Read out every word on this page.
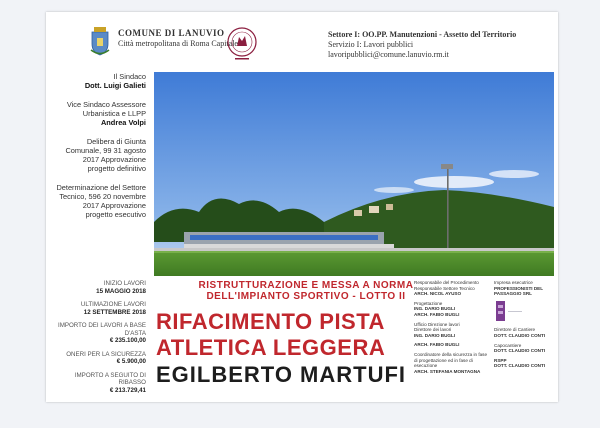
COMUNE DI LANUVIO
Città metropolitana di Roma Capitale
Settore I: OO.PP. Manutenzioni - Assetto del Territorio
Servizio I: Lavori pubblici
lavoripubblici@comune.lanuvio.rm.it
Il Sindaco
Dott. Luigi Galieti
Vice Sindaco Assessore Urbanistica e LLPP
Andrea Volpi
Delibera di Giunta Comunale, 99 31 agosto 2017 Approvazione progetto definitivo
Determinazione del Settore Tecnico, 596 20 novembre 2017 Approvazione progetto esecutivo
INIZIO LAVORI
15 MAGGIO 2018
ULTIMAZIONE LAVORI
12 SETTEMBRE 2018
IMPORTO DEI LAVORI A BASE D'ASTA
€ 235.100,00
ONERI PER LA SICUREZZA
€ 5.900,00
IMPORTO A SEGUITO DI RIBASSO
€ 213.729,41
RISTRUTTURAZIONE E MESSA A NORMA DELL'IMPIANTO SPORTIVO - LOTTO II
RIFACIMENTO PISTA
ATLETICA LEGGERA
EGILBERTO MARTUFI
Responsabile del Procedimento
Responsabile Settore Tecnico
ARCH. NICOL AYUSO
Progettazione
ING. DARIO BUGLI
ARCH. FABIO BUGLI
Ufficio Direzione lavori
Direttore dei lavori
ING. DARIO BUGLI
ARCH. FABIO BUGLI
Coordinatore della sicurezza in fase di progettazione ed in fase di esecuzione
ARCH. STEFANIA MONTAGNA
Impresa esecutrice
PROFESSIONISTI DEL PASSAGGIO SRL
Direttore di Cantiere
DOTT. CLAUDIO CONTI
Capocantiere
DOTT. CLAUDIO CONTI
RSPP
DOTT. CLAUDIO CONTI
